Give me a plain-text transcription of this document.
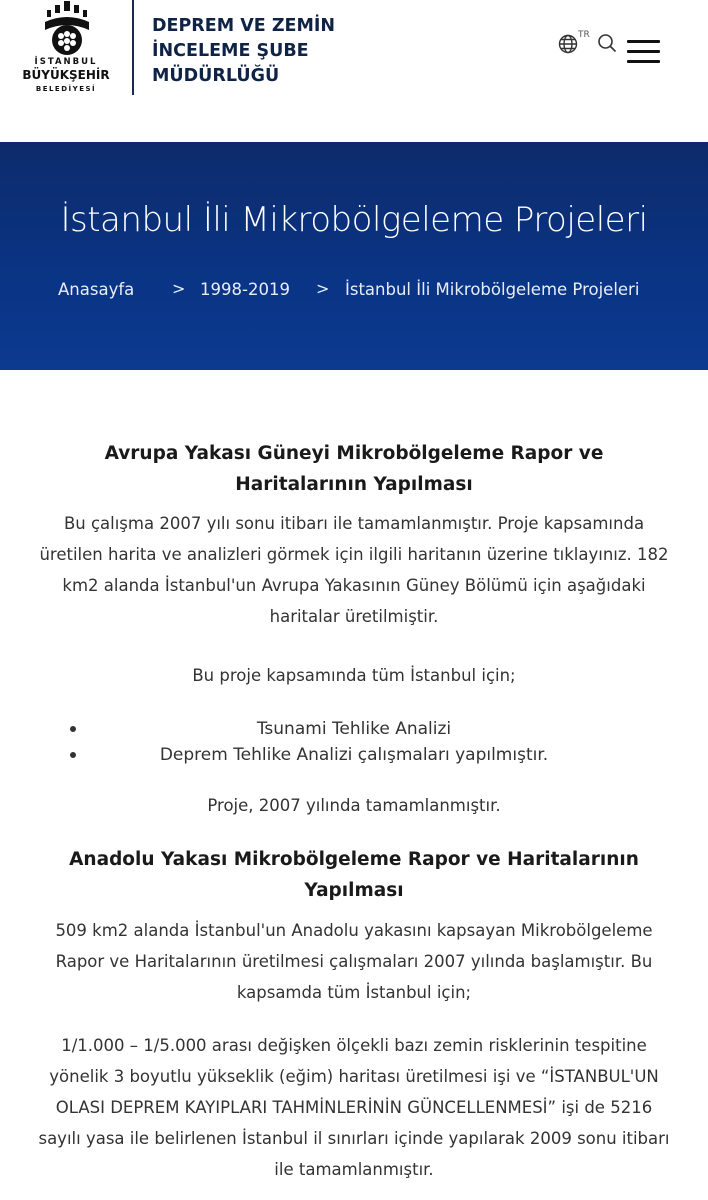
İSTANBUL
BÜYÜKŞEHİR
BELEDİYESİ
DEPREM VE ZEMİN
İNCELEME ŞUBE
MÜDÜRLÜĞÜ
TR
İstanbul İli Mikrobölgeleme Projeleri
Anasayfa > 1998-2019 > İstanbul İli Mikrobölgeleme Projeleri
Avrupa Yakası Güneyi Mikrobölgeleme Rapor ve Haritalarının Yapılması
Bu çalışma 2007 yılı sonu itibarı ile tamamlanmıştır. Proje kapsamında üretilen harita ve analizleri görmek için ilgili haritanın üzerine tıklayınız. 182 km2 alanda İstanbul'un Avrupa Yakasının Güney Bölümü için aşağıdaki haritalar üretilmiştir.
Bu proje kapsamında tüm İstanbul için;
Tsunami Tehlike Analizi
Deprem Tehlike Analizi çalışmaları yapılmıştır.
Proje, 2007 yılında tamamlanmıştır.
Anadolu Yakası Mikrobölgeleme Rapor ve Haritalarının Yapılması
509 km2 alanda İstanbul'un Anadolu yakasını kapsayan Mikrobölgeleme Rapor ve Haritalarının üretilmesi çalışmaları 2007 yılında başlamıştır. Bu kapsamda tüm İstanbul için;
1/1.000 – 1/5.000 arası değişken ölçekli bazı zemin risklerinin tespitine yönelik 3 boyutlu yükseklik (eğim) haritası üretilmesi işi ve “İSTANBUL'UN OLASI DEPREM KAYIPLARI TAHMİNLERİNİN GÜNCELLENMESİ” işi de 5216 sayılı yasa ile belirlenen İstanbul il sınırları içinde yapılarak 2009 sonu itibarı ile tamamlanmıştır.
